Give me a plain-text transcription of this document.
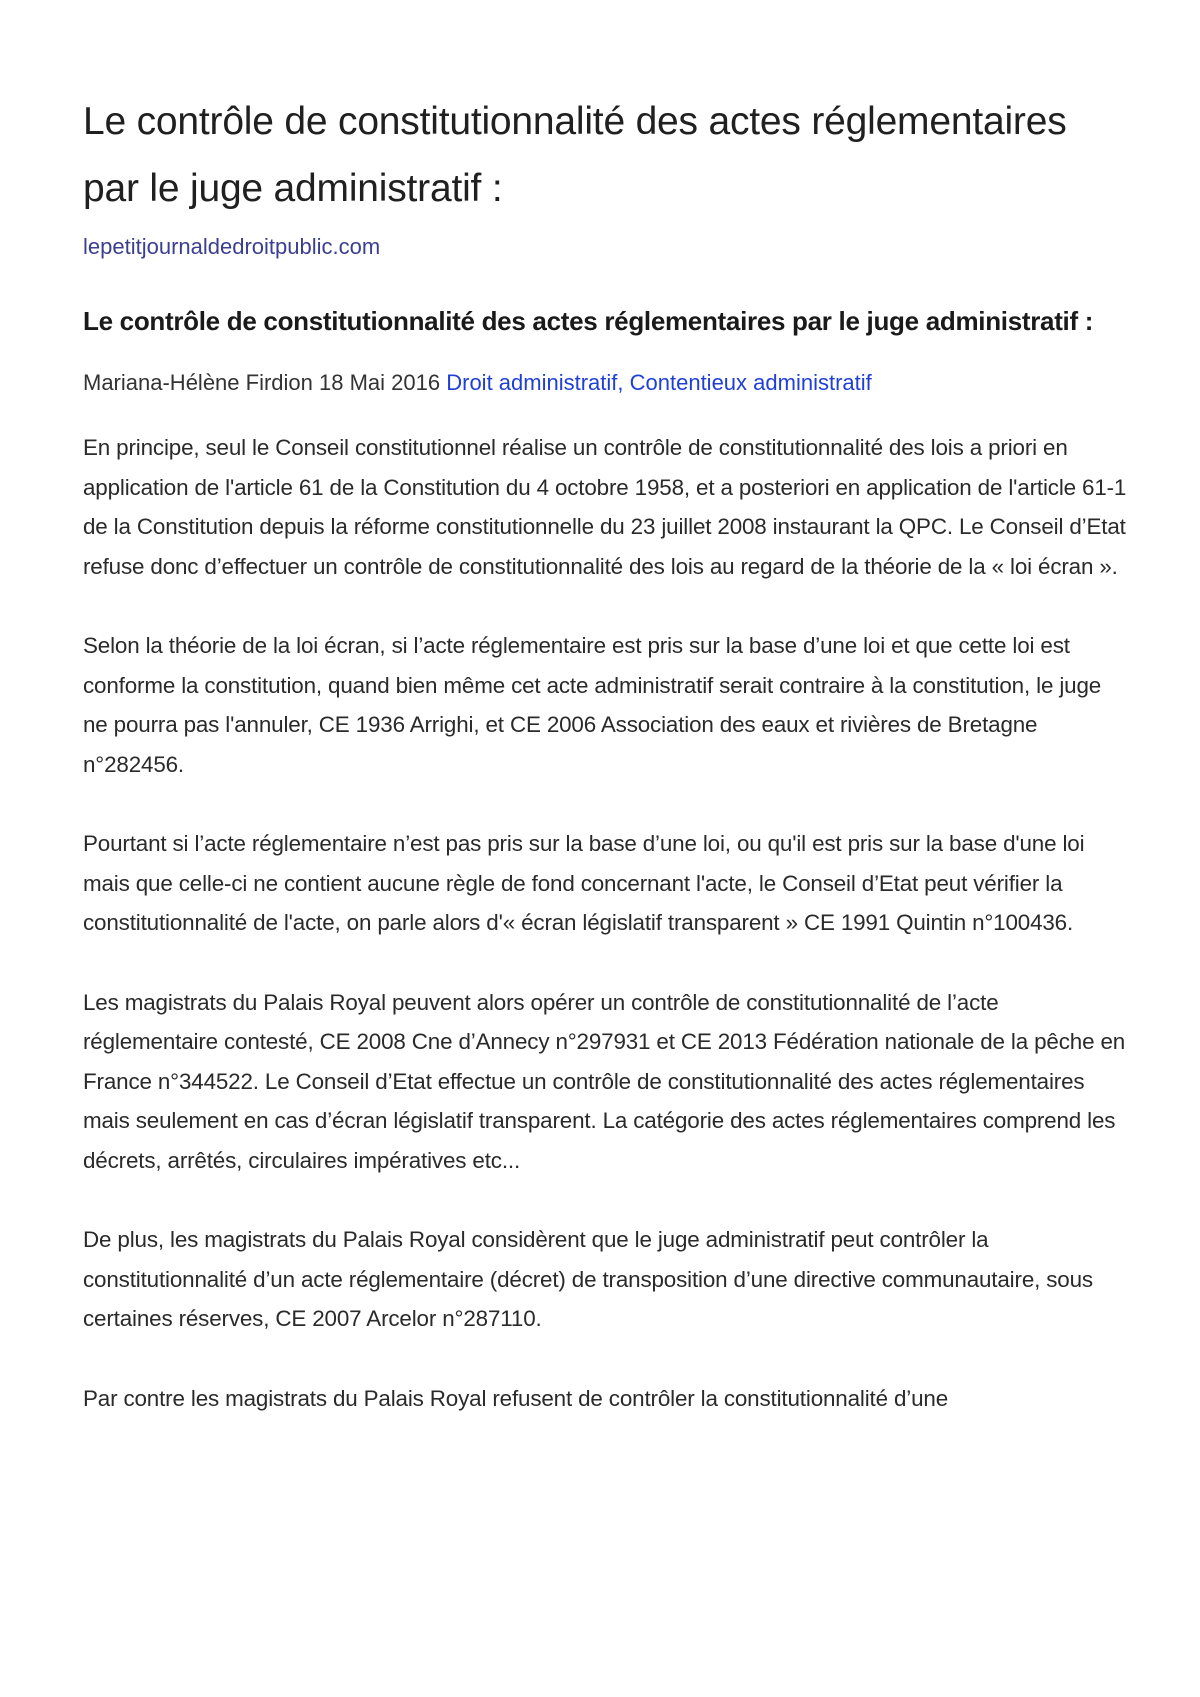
Le contrôle de constitutionnalité des actes réglementaires par le juge administratif :
lepetitjournaldedroitpublic.com
Le contrôle de constitutionnalité des actes réglementaires par le juge administratif :
Mariana-Hélène Firdion 18 Mai 2016 Droit administratif, Contentieux administratif

En principe, seul le Conseil constitutionnel réalise un contrôle de constitutionnalité des lois a priori en application de l'article 61 de la Constitution du 4 octobre 1958, et a posteriori en application de l'article 61-1 de la Constitution depuis la réforme constitutionnelle du 23 juillet 2008 instaurant la QPC. Le Conseil d’Etat refuse donc d’effectuer un contrôle de constitutionnalité des lois au regard de la théorie de la « loi écran ».

Selon la théorie de la loi écran, si l’acte réglementaire est pris sur la base d’une loi et que cette loi est conforme la constitution, quand bien même cet acte administratif serait contraire à la constitution, le juge ne pourra pas l'annuler, CE 1936 Arrighi, et CE 2006 Association des eaux et rivières de Bretagne n°282456.

Pourtant si l’acte réglementaire n’est pas pris sur la base d’une loi, ou qu'il est pris sur la base d'une loi mais que celle-ci ne contient aucune règle de fond concernant l'acte, le Conseil d’Etat peut vérifier la constitutionnalité de l'acte, on parle alors d'« écran législatif transparent » CE 1991 Quintin n°100436.

Les magistrats du Palais Royal peuvent alors opérer un contrôle de constitutionnalité de l’acte réglementaire contesté, CE 2008 Cne d’Annecy n°297931 et CE 2013 Fédération nationale de la pêche en France n°344522. Le Conseil d’Etat effectue un contrôle de constitutionnalité des actes réglementaires mais seulement en cas d’écran législatif transparent. La catégorie des actes réglementaires comprend les décrets, arrêtés, circulaires impératives etc...

De plus, les magistrats du Palais Royal considèrent que le juge administratif peut contrôler la constitutionnalité d’un acte réglementaire (décret) de transposition d’une directive communautaire, sous certaines réserves, CE 2007 Arcelor n°287110.

Par contre les magistrats du Palais Royal refusent de contrôler la constitutionnalité d’une
